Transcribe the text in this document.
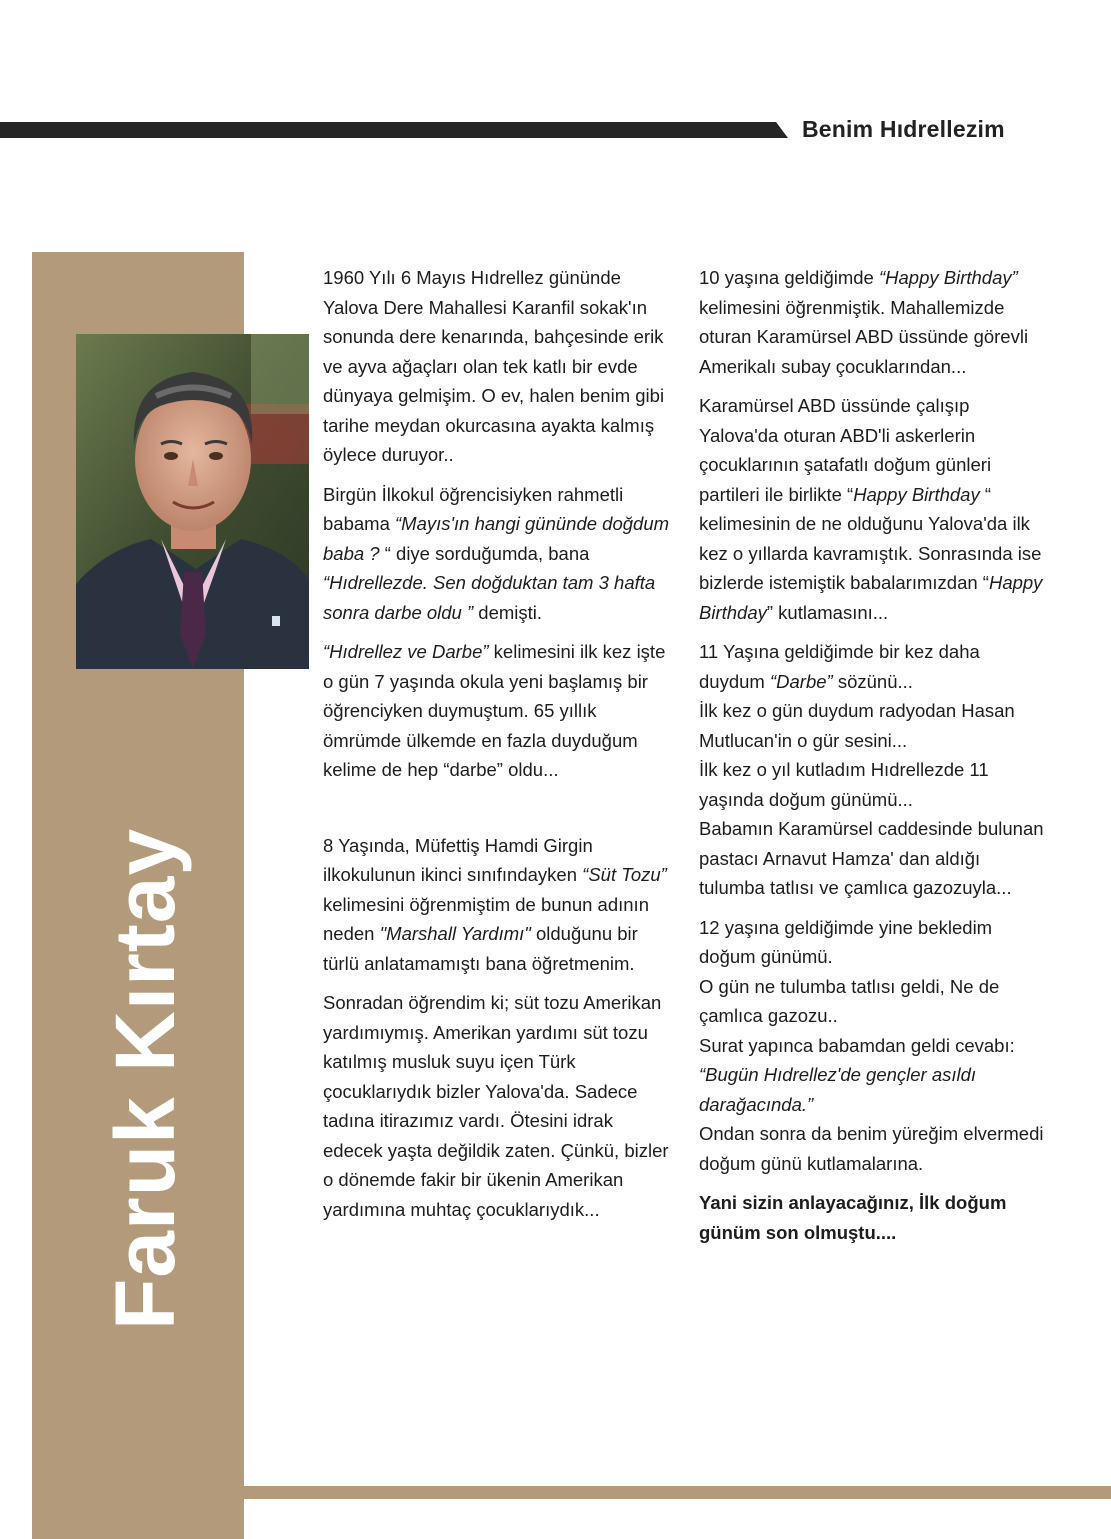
Benim Hıdrellezim
Faruk Kırtay

1960 Yılı 6 Mayıs Hıdrellez gününde Yalova Dere Mahallesi Karanfil sokak'ın sonunda dere kenarında, bahçesinde erik ve ayva ağaçları olan tek katlı bir evde dünyaya gelmişim. O ev, halen benim gibi tarihe meydan okurcasına ayakta kalmış öylece duruyor..

Birgün İlkokul öğrencisiyken rahmetli babama “Mayıs'ın hangi gününde doğdum baba ? “ diye sorduğumda, bana “Hıdrellezde. Sen doğduktan tam 3 hafta sonra darbe oldu ” demişti.

“Hıdrellez ve Darbe” kelimesini ilk kez işte o gün 7 yaşında okula yeni başlamış bir öğrenciyken duymuştum. 65 yıllık ömrümde ülkemde en fazla duyduğum kelime de hep “darbe” oldu...

8 Yaşında, Müfettiş Hamdi Girgin ilkokulunun ikinci sınıfındayken “Süt Tozu” kelimesini öğrenmiştim de bunun adının neden "Marshall Yardımı" olduğunu bir türlü anlatamamıştı bana öğretmenim.

Sonradan öğrendim ki; süt tozu Amerikan yardımıymış. Amerikan yardımı süt tozu katılmış musluk suyu içen Türk çocuklarıydık bizler Yalova'da. Sadece tadına itirazımız vardı. Ötesini idrak edecek yaşta değildik zaten. Çünkü, bizler o dönemde fakir bir ükenin Amerikan yardımına muhtaç çocuklarıydık...

10 yaşına geldiğimde “Happy Birthday” kelimesini öğrenmiştik. Mahallemizde oturan Karamürsel ABD üssünde görevli Amerikalı subay çocuklarından...

Karamürsel ABD üssünde çalışıp Yalova'da oturan ABD'li askerlerin çocuklarının şatafatlı doğum günleri partileri ile birlikte “Happy Birthday “ kelimesinin de ne olduğunu Yalova'da ilk kez o yıllarda kavramıştık. Sonrasında ise bizlerde istemiştik babalarımızdan “Happy Birthday” kutlamasını...

11 Yaşına geldiğimde bir kez daha duydum “Darbe” sözünü...
İlk kez o gün duydum radyodan Hasan Mutlucan'in o gür sesini...
İlk kez o yıl kutladım Hıdrellezde 11 yaşında doğum günümü...
Babamın Karamürsel caddesinde bulunan pastacı Arnavut Hamza' dan aldığı tulumba tatlısı ve çamlıca gazozuyla...

12 yaşına geldiğimde yine bekledim doğum günümü.
O gün ne tulumba tatlısı geldi, Ne de çamlıca gazozu..
Surat yapınca babamdan geldi cevabı:
“Bugün Hıdrellez'de gençler asıldı darağacında.”
Ondan sonra da benim yüreğim elvermedi doğum günü kutlamalarına.

Yani sizin anlayacağınız, İlk doğum günüm son olmuştu....
